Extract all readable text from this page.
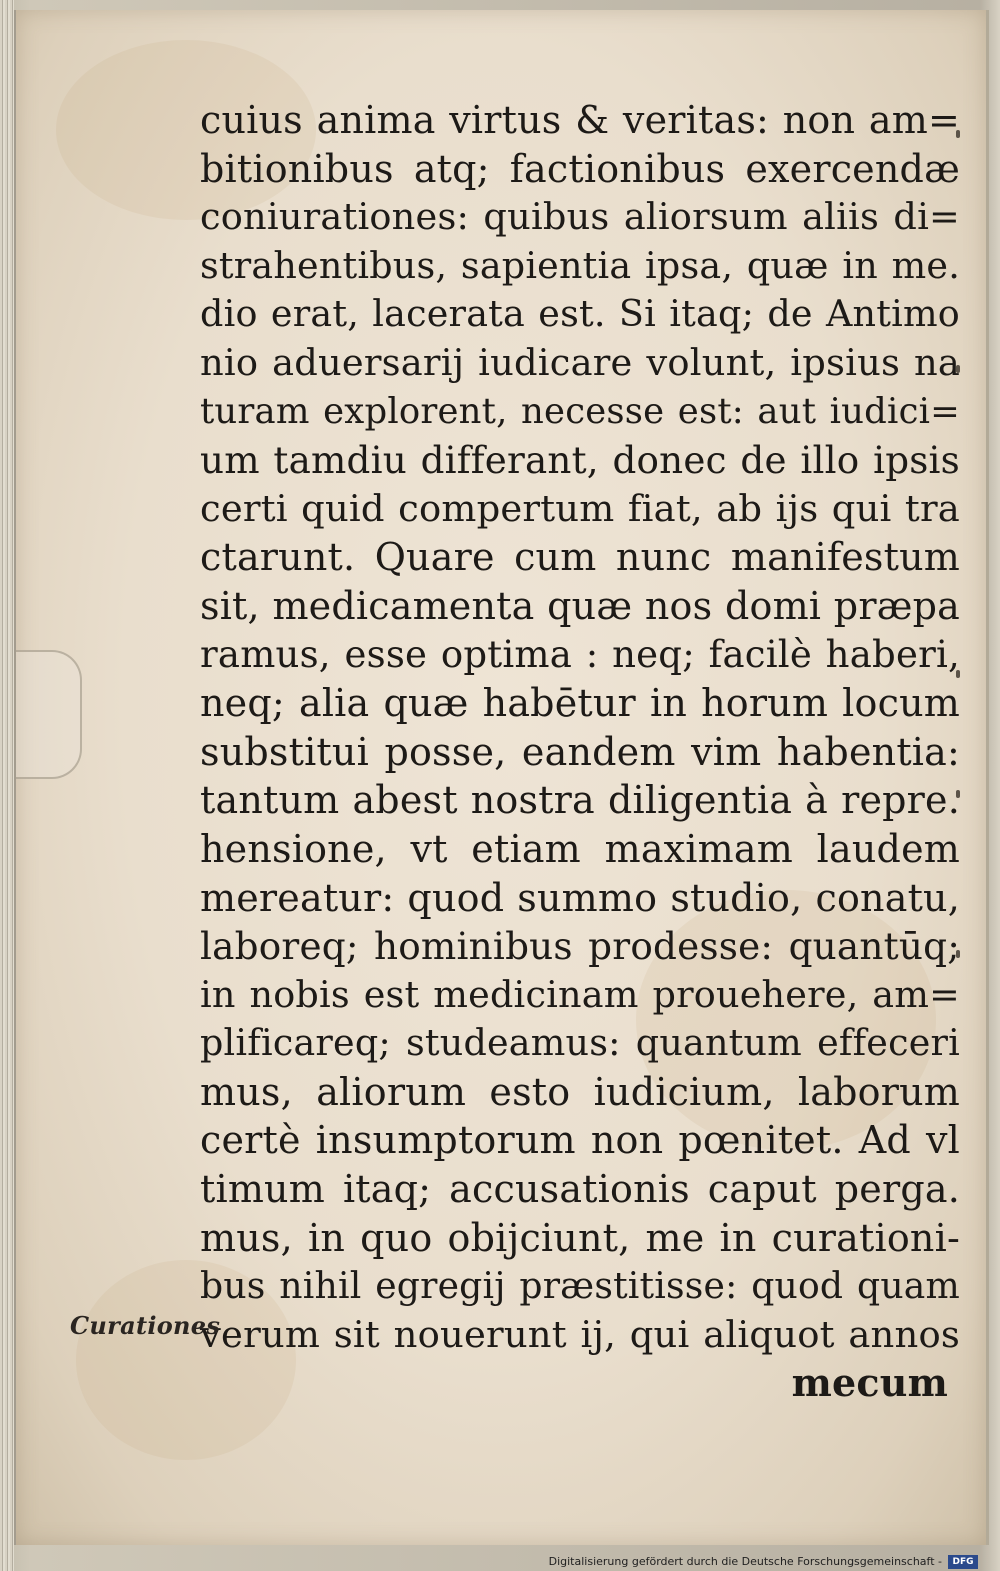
cuius anima virtus & veritas: non am=
bitionibus atq; factionibus exercendæ
coniurationes: quibus aliorsum aliis di=
strahentibus, sapientia ipsa, quæ in me.
dio erat, lacerata est. Si itaq; de Antimo
nio aduersarij iudicare volunt, ipsius na
turam explorent, necesse est: aut iudici=
um tamdiu differant, donec de illo ipsis
certi quid compertum fiat, ab ijs qui tra
ctarunt. Quare cum nunc manifestum
sit, medicamenta quæ nos domi præpa
ramus, esse optima : neq; facilè haberi,
neq; alia quæ habētur in horum locum
substitui posse, eandem vim habentia:
tantum abest nostra diligentia à repre.
hensione, vt etiam maximam laudem
mereatur: quod summo studio, conatu,
laboreq; hominibus prodesse: quantūq;
in nobis est medicinam prouehere, am=
plificareq; studeamus: quantum effeceri
mus, aliorum esto iudicium, laborum
certè insumptorum non pœnitet. Ad vl
timum itaq; accusationis caput perga.
mus, in quo obijciunt, me in curationi-
bus nihil egregij præstitisse: quod quam
verum sit nouerunt ij, qui aliquot annos
mecum
Curationes
Digitalisierung gefördert durch die Deutsche Forschungsgemeinschaft -	DFG
